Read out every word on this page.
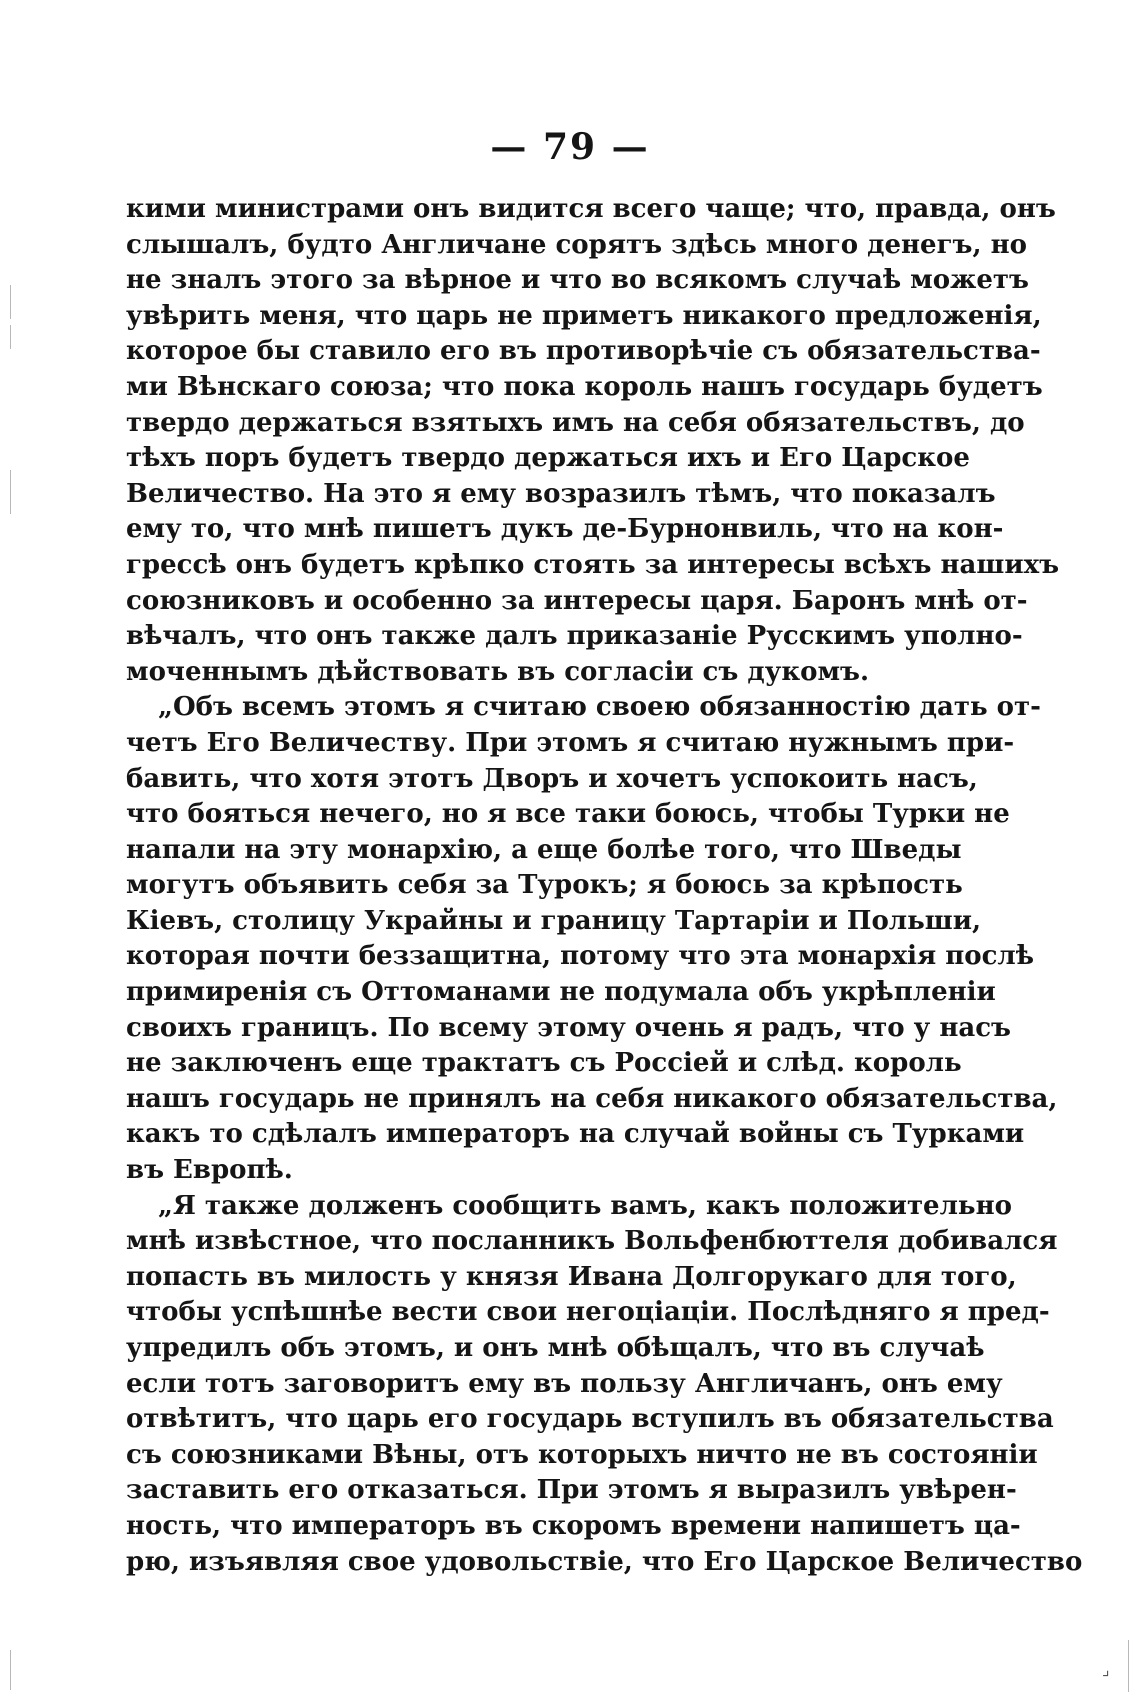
⌟
— 79 —

кими министрами онъ видится всего чаще; что, правда, онъ
слышалъ, будто Англичане сорятъ здѣсь много денегъ, но
не зналъ этого за вѣрное и что во всякомъ случаѣ можетъ
увѣрить меня, что царь не приметъ никакого предложенія,
которое бы ставило его въ противорѣчіе съ обязательства-
ми Вѣнскаго союза; что пока король нашъ государь будетъ
твердо держаться взятыхъ имъ на себя обязательствъ, до
тѣхъ поръ будетъ твердо держаться ихъ и Его Царское
Величество. На это я ему возразилъ тѣмъ, что показалъ
ему то, что мнѣ пишетъ дукъ де-Бурнонвиль, что на кон-
грессѣ онъ будетъ крѣпко стоять за интересы всѣхъ нашихъ
союзниковъ и особенно за интересы царя. Баронъ мнѣ от-
вѣчалъ, что онъ также далъ приказаніе Русскимъ уполно-
моченнымъ дѣйствовать въ согласіи съ дукомъ.

„Объ всемъ этомъ я считаю своею обязанностію дать от-
четъ Его Величеству. При этомъ я считаю нужнымъ при-
бавить, что хотя этотъ Дворъ и хочетъ успокоить насъ,
что бояться нечего, но я все таки боюсь, чтобы Турки не
напали на эту монархію, а еще болѣе того, что Шведы
могутъ объявить себя за Турокъ; я боюсь за крѣпость
Кіевъ, столицу Украйны и границу Тартаріи и Польши,
которая почти беззащитна, потому что эта монархія послѣ
примиренія съ Оттоманами не подумала объ укрѣпленіи
своихъ границъ. По всему этому очень я радъ, что у насъ
не заключенъ еще трактатъ съ Россіей и слѣд. король
нашъ государь не принялъ на себя никакого обязательства,
какъ то сдѣлалъ императоръ на случай войны съ Турками
въ Европѣ.

„Я также долженъ сообщить вамъ, какъ положительно
мнѣ извѣстное, что посланникъ Вольфенбюттеля добивался
попасть въ милость у князя Ивана Долгорукаго для того,
чтобы успѣшнѣе вести свои негоціаціи. Послѣдняго я пред-
упредилъ объ этомъ, и онъ мнѣ обѣщалъ, что въ случаѣ
если тотъ заговоритъ ему въ пользу Англичанъ, онъ ему
отвѣтитъ, что царь его государь вступилъ въ обязательства
съ союзниками Вѣны, отъ которыхъ ничто не въ состояніи
заставить его отказаться. При этомъ я выразилъ увѣрен-
ность, что императоръ въ скоромъ времени напишетъ ца-
рю, изъявляя свое удовольствіе, что Его Царское Величество
